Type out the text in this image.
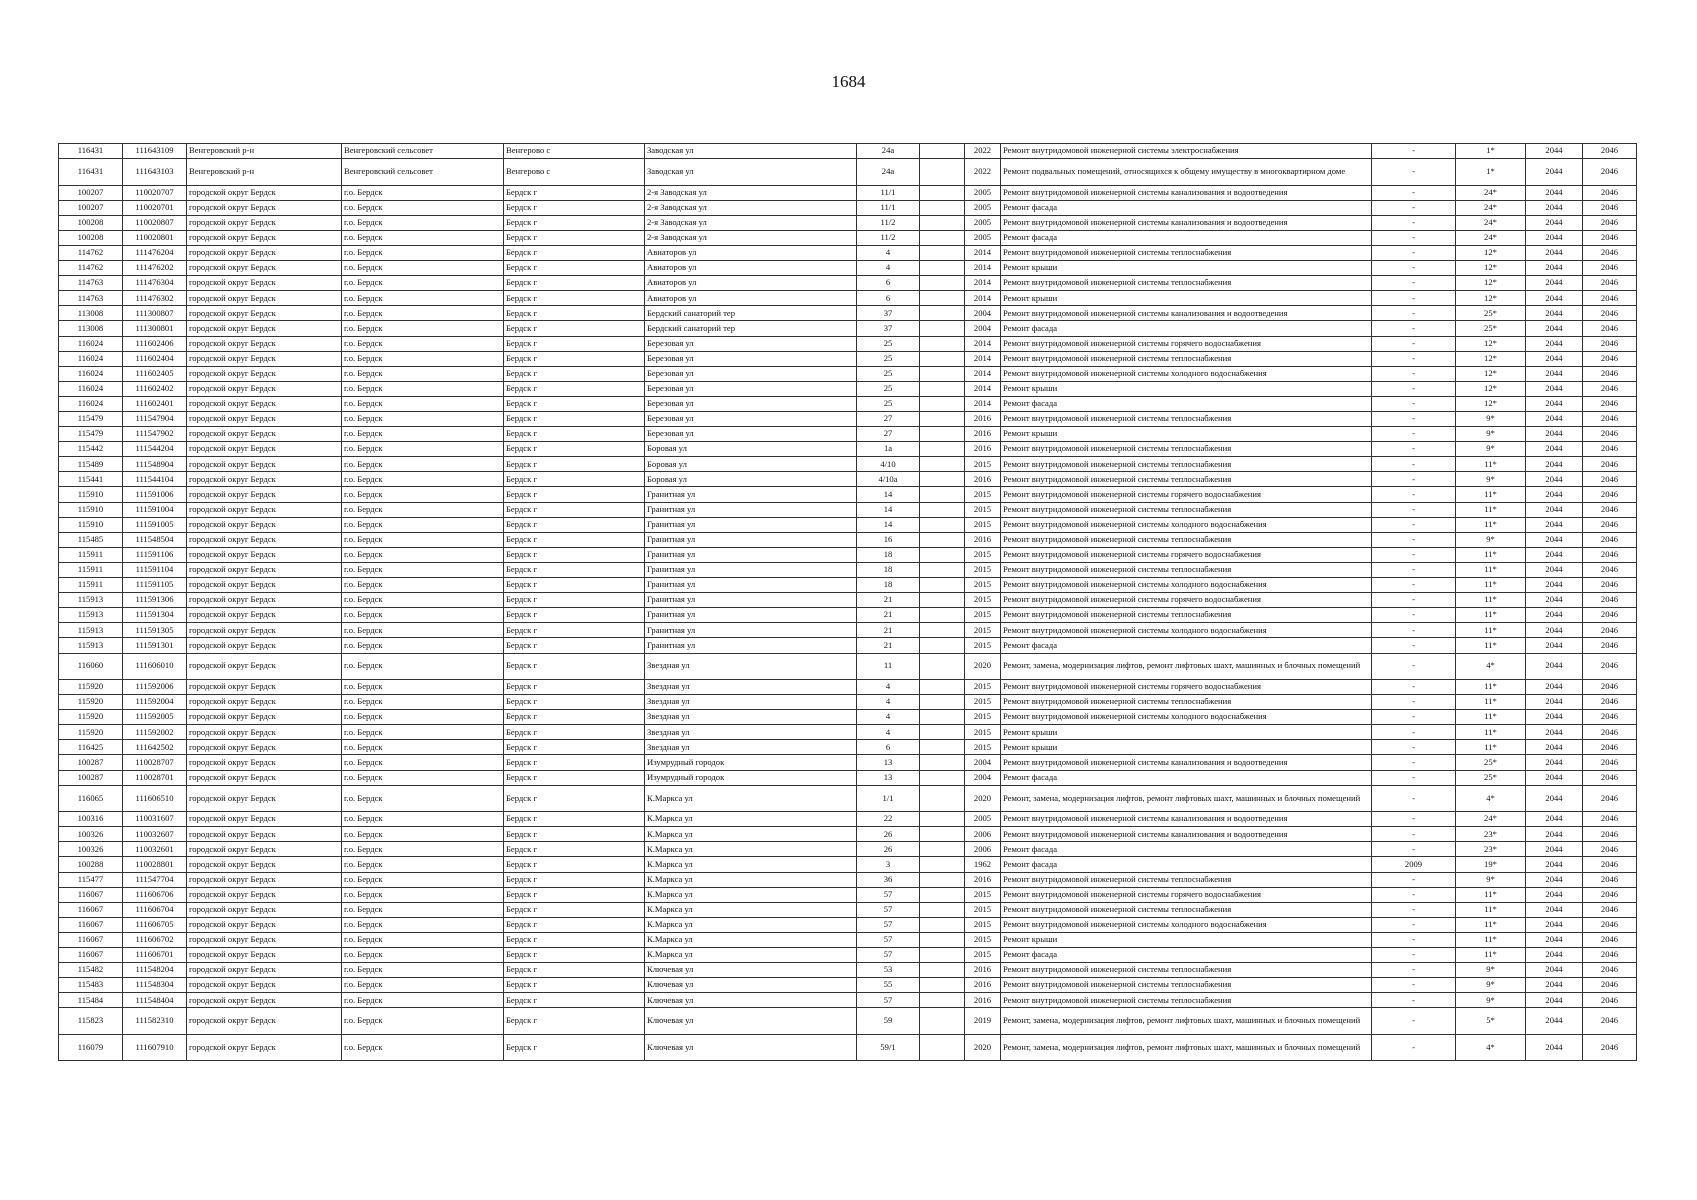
1684
116431	111643109	Венгеровский р-н	Венгеровский сельсовет	Венгерово с	Заводская ул	24а		2022	Ремонт внутридомовой инженерной системы электроснабжения	-	1*	2044	2046
116431	111643103	Венгеровский р-н	Венгеровский сельсовет	Венгерово с	Заводская ул	24а		2022	Ремонт подвальных помещений, относящихся к общему имуществу в многоквартирном доме	-	1*	2044	2046
100207	110020707	городской округ Бердск	г.о. Бердск	Бердск г	2-я Заводская ул	11/1		2005	Ремонт внутридомовой инженерной системы канализования и водоотведения	-	24*	2044	2046
100207	110020701	городской округ Бердск	г.о. Бердск	Бердск г	2-я Заводская ул	11/1		2005	Ремонт фасада	-	24*	2044	2046
100208	110020807	городской округ Бердск	г.о. Бердск	Бердск г	2-я Заводская ул	11/2		2005	Ремонт внутридомовой инженерной системы канализования и водоотведения	-	24*	2044	2046
100208	110020801	городской округ Бердск	г.о. Бердск	Бердск г	2-я Заводская ул	11/2		2005	Ремонт фасада	-	24*	2044	2046
114762	111476204	городской округ Бердск	г.о. Бердск	Бердск г	Авиаторов ул	4		2014	Ремонт внутридомовой инженерной системы теплоснабжения	-	12*	2044	2046
114762	111476202	городской округ Бердск	г.о. Бердск	Бердск г	Авиаторов ул	4		2014	Ремонт крыши	-	12*	2044	2046
114763	111476304	городской округ Бердск	г.о. Бердск	Бердск г	Авиаторов ул	6		2014	Ремонт внутридомовой инженерной системы теплоснабжения	-	12*	2044	2046
114763	111476302	городской округ Бердск	г.о. Бердск	Бердск г	Авиаторов ул	6		2014	Ремонт крыши	-	12*	2044	2046
113008	111300807	городской округ Бердск	г.о. Бердск	Бердск г	Бердский санаторий тер	37		2004	Ремонт внутридомовой инженерной системы канализования и водоотведения	-	25*	2044	2046
113008	111300801	городской округ Бердск	г.о. Бердск	Бердск г	Бердский санаторий тер	37		2004	Ремонт фасада	-	25*	2044	2046
116024	111602406	городской округ Бердск	г.о. Бердск	Бердск г	Березовая ул	25		2014	Ремонт внутридомовой инженерной системы горячего водоснабжения	-	12*	2044	2046
116024	111602404	городской округ Бердск	г.о. Бердск	Бердск г	Березовая ул	25		2014	Ремонт внутридомовой инженерной системы теплоснабжения	-	12*	2044	2046
116024	111602405	городской округ Бердск	г.о. Бердск	Бердск г	Березовая ул	25		2014	Ремонт внутридомовой инженерной системы холодного водоснабжения	-	12*	2044	2046
116024	111602402	городской округ Бердск	г.о. Бердск	Бердск г	Березовая ул	25		2014	Ремонт крыши	-	12*	2044	2046
116024	111602401	городской округ Бердск	г.о. Бердск	Бердск г	Березовая ул	25		2014	Ремонт фасада	-	12*	2044	2046
115479	111547904	городской округ Бердск	г.о. Бердск	Бердск г	Березовая ул	27		2016	Ремонт внутридомовой инженерной системы теплоснабжения	-	9*	2044	2046
115479	111547902	городской округ Бердск	г.о. Бердск	Бердск г	Березовая ул	27		2016	Ремонт крыши	-	9*	2044	2046
115442	111544204	городской округ Бердск	г.о. Бердск	Бердск г	Боровая ул	1а		2016	Ремонт внутридомовой инженерной системы теплоснабжения	-	9*	2044	2046
115489	111548904	городской округ Бердск	г.о. Бердск	Бердск г	Боровая ул	4/10		2015	Ремонт внутридомовой инженерной системы теплоснабжения	-	11*	2044	2046
115441	111544104	городской округ Бердск	г.о. Бердск	Бердск г	Боровая ул	4/10а		2016	Ремонт внутридомовой инженерной системы теплоснабжения	-	9*	2044	2046
115910	111591006	городской округ Бердск	г.о. Бердск	Бердск г	Гранитная ул	14		2015	Ремонт внутридомовой инженерной системы горячего водоснабжения	-	11*	2044	2046
115910	111591004	городской округ Бердск	г.о. Бердск	Бердск г	Гранитная ул	14		2015	Ремонт внутридомовой инженерной системы теплоснабжения	-	11*	2044	2046
115910	111591005	городской округ Бердск	г.о. Бердск	Бердск г	Гранитная ул	14		2015	Ремонт внутридомовой инженерной системы холодного водоснабжения	-	11*	2044	2046
115485	111548504	городской округ Бердск	г.о. Бердск	Бердск г	Гранитная ул	16		2016	Ремонт внутридомовой инженерной системы теплоснабжения	-	9*	2044	2046
115911	111591106	городской округ Бердск	г.о. Бердск	Бердск г	Гранитная ул	18		2015	Ремонт внутридомовой инженерной системы горячего водоснабжения	-	11*	2044	2046
115911	111591104	городской округ Бердск	г.о. Бердск	Бердск г	Гранитная ул	18		2015	Ремонт внутридомовой инженерной системы теплоснабжения	-	11*	2044	2046
115911	111591105	городской округ Бердск	г.о. Бердск	Бердск г	Гранитная ул	18		2015	Ремонт внутридомовой инженерной системы холодного водоснабжения	-	11*	2044	2046
115913	111591306	городской округ Бердск	г.о. Бердск	Бердск г	Гранитная ул	21		2015	Ремонт внутридомовой инженерной системы горячего водоснабжения	-	11*	2044	2046
115913	111591304	городской округ Бердск	г.о. Бердск	Бердск г	Гранитная ул	21		2015	Ремонт внутридомовой инженерной системы теплоснабжения	-	11*	2044	2046
115913	111591305	городской округ Бердск	г.о. Бердск	Бердск г	Гранитная ул	21		2015	Ремонт внутридомовой инженерной системы холодного водоснабжения	-	11*	2044	2046
115913	111591301	городской округ Бердск	г.о. Бердск	Бердск г	Гранитная ул	21		2015	Ремонт фасада	-	11*	2044	2046
116060	111606010	городской округ Бердск	г.о. Бердск	Бердск г	Звездная ул	11		2020	Ремонт, замена, модернизация лифтов, ремонт лифтовых шахт, машинных и блочных помещений	-	4*	2044	2046
115920	111592006	городской округ Бердск	г.о. Бердск	Бердск г	Звездная ул	4		2015	Ремонт внутридомовой инженерной системы горячего водоснабжения	-	11*	2044	2046
115920	111592004	городской округ Бердск	г.о. Бердск	Бердск г	Звездная ул	4		2015	Ремонт внутридомовой инженерной системы теплоснабжения	-	11*	2044	2046
115920	111592005	городской округ Бердск	г.о. Бердск	Бердск г	Звездная ул	4		2015	Ремонт внутридомовой инженерной системы холодного водоснабжения	-	11*	2044	2046
115920	111592002	городской округ Бердск	г.о. Бердск	Бердск г	Звездная ул	4		2015	Ремонт крыши	-	11*	2044	2046
116425	111642502	городской округ Бердск	г.о. Бердск	Бердск г	Звездная ул	6		2015	Ремонт крыши	-	11*	2044	2046
100287	110028707	городской округ Бердск	г.о. Бердск	Бердск г	Изумрудный городок	13		2004	Ремонт внутридомовой инженерной системы канализования и водоотведения	-	25*	2044	2046
100287	110028701	городской округ Бердск	г.о. Бердск	Бердск г	Изумрудный городок	13		2004	Ремонт фасада	-	25*	2044	2046
116065	111606510	городской округ Бердск	г.о. Бердск	Бердск г	К.Маркса ул	1/1		2020	Ремонт, замена, модернизация лифтов, ремонт лифтовых шахт, машинных и блочных помещений	-	4*	2044	2046
100316	110031607	городской округ Бердск	г.о. Бердск	Бердск г	К.Маркса ул	22		2005	Ремонт внутридомовой инженерной системы канализования и водоотведения	-	24*	2044	2046
100326	110032607	городской округ Бердск	г.о. Бердск	Бердск г	К.Маркса ул	26		2006	Ремонт внутридомовой инженерной системы канализования и водоотведения	-	23*	2044	2046
100326	110032601	городской округ Бердск	г.о. Бердск	Бердск г	К.Маркса ул	26		2006	Ремонт фасада	-	23*	2044	2046
100288	110028801	городской округ Бердск	г.о. Бердск	Бердск г	К.Маркса ул	3		1962	Ремонт фасада	2009	19*	2044	2046
115477	111547704	городской округ Бердск	г.о. Бердск	Бердск г	К.Маркса ул	36		2016	Ремонт внутридомовой инженерной системы теплоснабжения	-	9*	2044	2046
116067	111606706	городской округ Бердск	г.о. Бердск	Бердск г	К.Маркса ул	57		2015	Ремонт внутридомовой инженерной системы горячего водоснабжения	-	11*	2044	2046
116067	111606704	городской округ Бердск	г.о. Бердск	Бердск г	К.Маркса ул	57		2015	Ремонт внутридомовой инженерной системы теплоснабжения	-	11*	2044	2046
116067	111606705	городской округ Бердск	г.о. Бердск	Бердск г	К.Маркса ул	57		2015	Ремонт внутридомовой инженерной системы холодного водоснабжения	-	11*	2044	2046
116067	111606702	городской округ Бердск	г.о. Бердск	Бердск г	К.Маркса ул	57		2015	Ремонт крыши	-	11*	2044	2046
116067	111606701	городской округ Бердск	г.о. Бердск	Бердск г	К.Маркса ул	57		2015	Ремонт фасада	-	11*	2044	2046
115482	111548204	городской округ Бердск	г.о. Бердск	Бердск г	Ключевая ул	53		2016	Ремонт внутридомовой инженерной системы теплоснабжения	-	9*	2044	2046
115483	111548304	городской округ Бердск	г.о. Бердск	Бердск г	Ключевая ул	55		2016	Ремонт внутридомовой инженерной системы теплоснабжения	-	9*	2044	2046
115484	111548404	городской округ Бердск	г.о. Бердск	Бердск г	Ключевая ул	57		2016	Ремонт внутридомовой инженерной системы теплоснабжения	-	9*	2044	2046
115823	111582310	городской округ Бердск	г.о. Бердск	Бердск г	Ключевая ул	59		2019	Ремонт, замена, модернизация лифтов, ремонт лифтовых шахт, машинных и блочных помещений	-	5*	2044	2046
116079	111607910	городской округ Бердск	г.о. Бердск	Бердск г	Ключевая ул	59/1		2020	Ремонт, замена, модернизация лифтов, ремонт лифтовых шахт, машинных и блочных помещений	-	4*	2044	2046
